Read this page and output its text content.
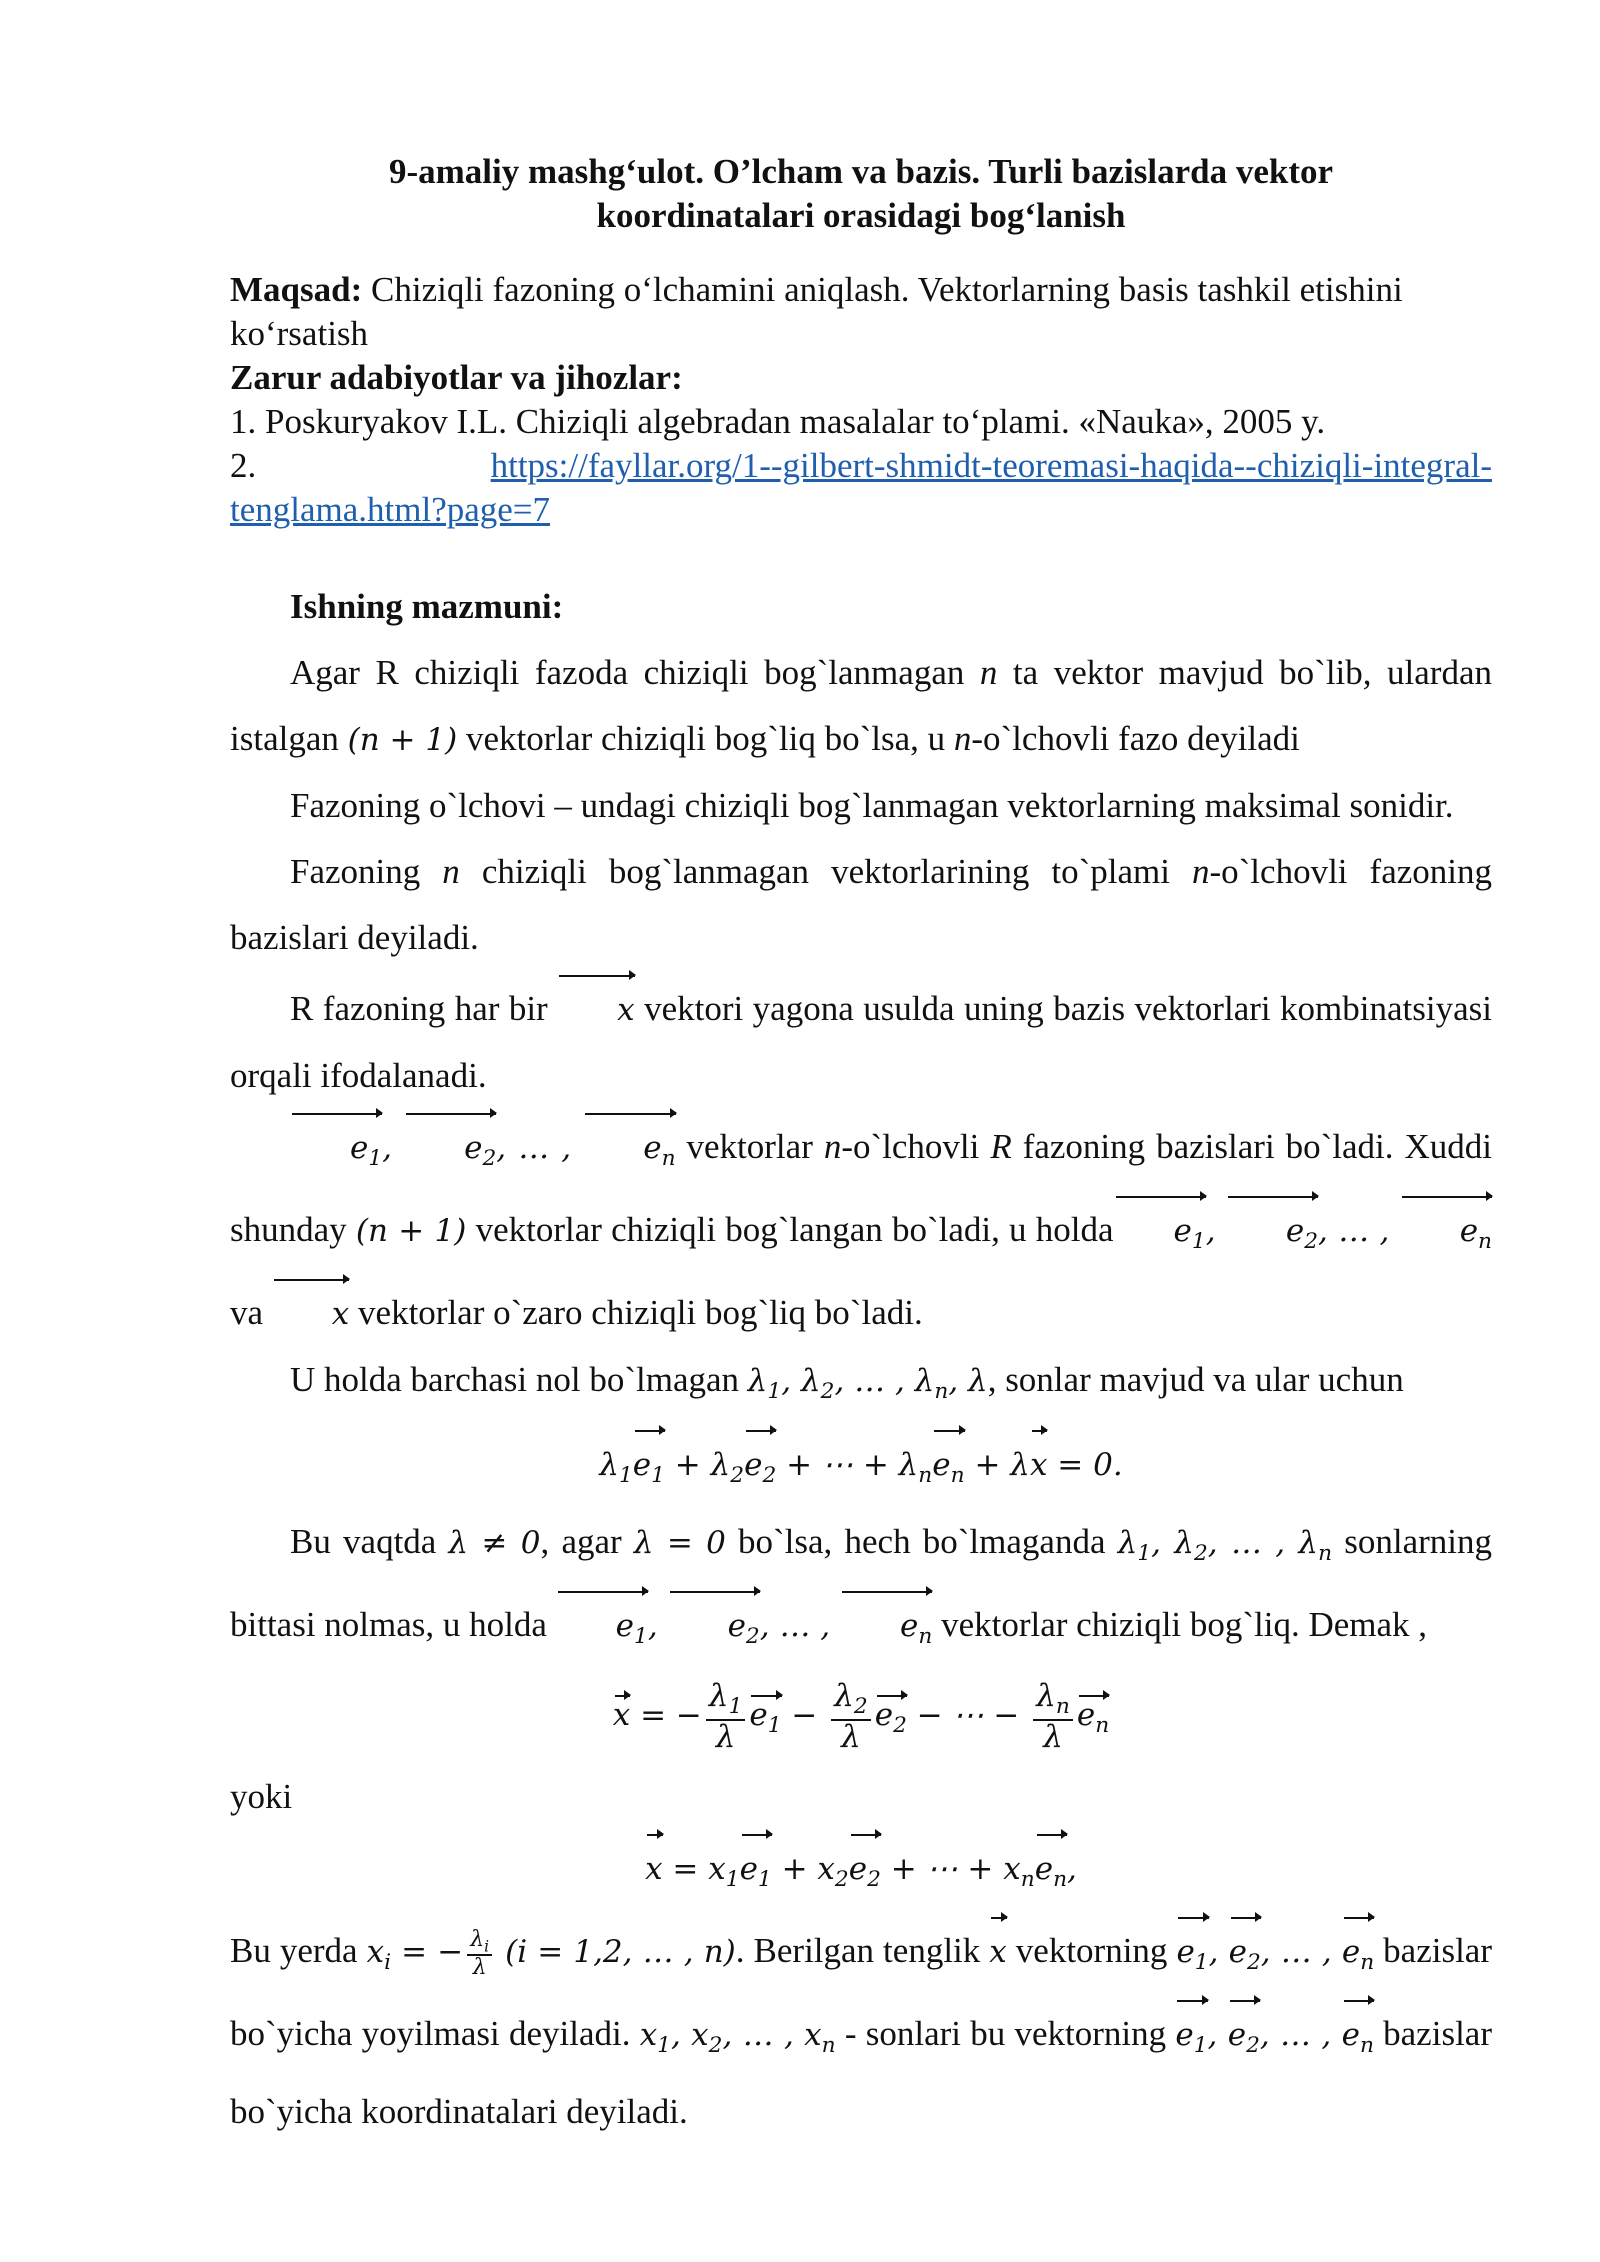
9-amaliy mashg‘ulot. O’lcham va bazis. Turli bazislarda vektor
koordinatalari orasidagi bog‘lanish
Maqsad: Chiziqli fazoning o‘lchamini aniqlash. Vektorlarning basis tashkil etishini ko‘rsatish
Zarur adabiyotlar va jihozlar:
1. Poskuryakov I.L. Chiziqli algebradan masalalar to‘plami. «Nauka», 2005 y.
2.	https://fayllar.org/1--gilbert-shmidt-teoremasi-haqida--chiziqli-integral-
tenglama.html?page=7
Ishning mazmuni:

Agar R chiziqli fazoda chiziqli bog`lanmagan n ta vektor mavjud bo`lib, ulardan istalgan (n + 1) vektorlar chiziqli bog`liq bo`lsa, u n-o`lchovli fazo deyiladi

Fazoning o`lchovi – undagi chiziqli bog`lanmagan vektorlarning maksimal sonidir.

Fazoning n chiziqli bog`lanmagan vektorlarining to`plami n-o`lchovli fazoning bazislari deyiladi.

R fazoning har bir x vektori yagona usulda uning bazis vektorlari kombinatsiyasi orqali ifodalanadi.

$e_1$, $e_2$, … , $e_n$ vektorlar n-o`lchovli R fazoning bazislari bo`ladi. Xuddi shunday (n + 1) vektorlar chiziqli bog`langan bo`ladi, u holda $e_1$, $e_2$, … , $e_n$ va x vektorlar o`zaro chiziqli bog`liq bo`ladi.

U holda barchasi nol bo`lmagan $\lambda_1$, $\lambda_2$, … , $\lambda_n$, λ, sonlar mavjud va ular uchun

$\lambda_1e_1 + \lambda_2e_2$ + ⋯ + $\lambda_ne_n + \lambda x = 0$.

Bu vaqtda λ ≠ 0, agar λ = 0 bo`lsa, hech bo`lmaganda $\lambda_1$, $\lambda_2$, … , $\lambda_n$ sonlarning bittasi nolmas, u holda $e_1$, $e_2$, … , $e_n$ vektorlar chiziqli bog`liq. Demak ,

x = − $\frac{\lambda_1}{\lambda} e_1 - \frac{\lambda_2}{\lambda} e_2$ − ⋯ − $\frac{\lambda_n}{\lambda} e_n$

yoki

$x = x_1e_1 + x_2e_2$ + ⋯ + $x_ne_n$,

Bu yerda $x_i$ = − $\frac{\lambda_i}{\lambda} (i = 1,2$, … , n). Berilgan tenglik x vektorning $e_1$, $e_2$, … , $e_n$ bazislar bo`yicha yoyilmasi deyiladi. $x_1$, $x_2$, … , $x_n$ - sonlari bu vektorning $e_1$, $e_2$, … , $e_n$ bazislar bo`yicha koordinatalari deyiladi.
